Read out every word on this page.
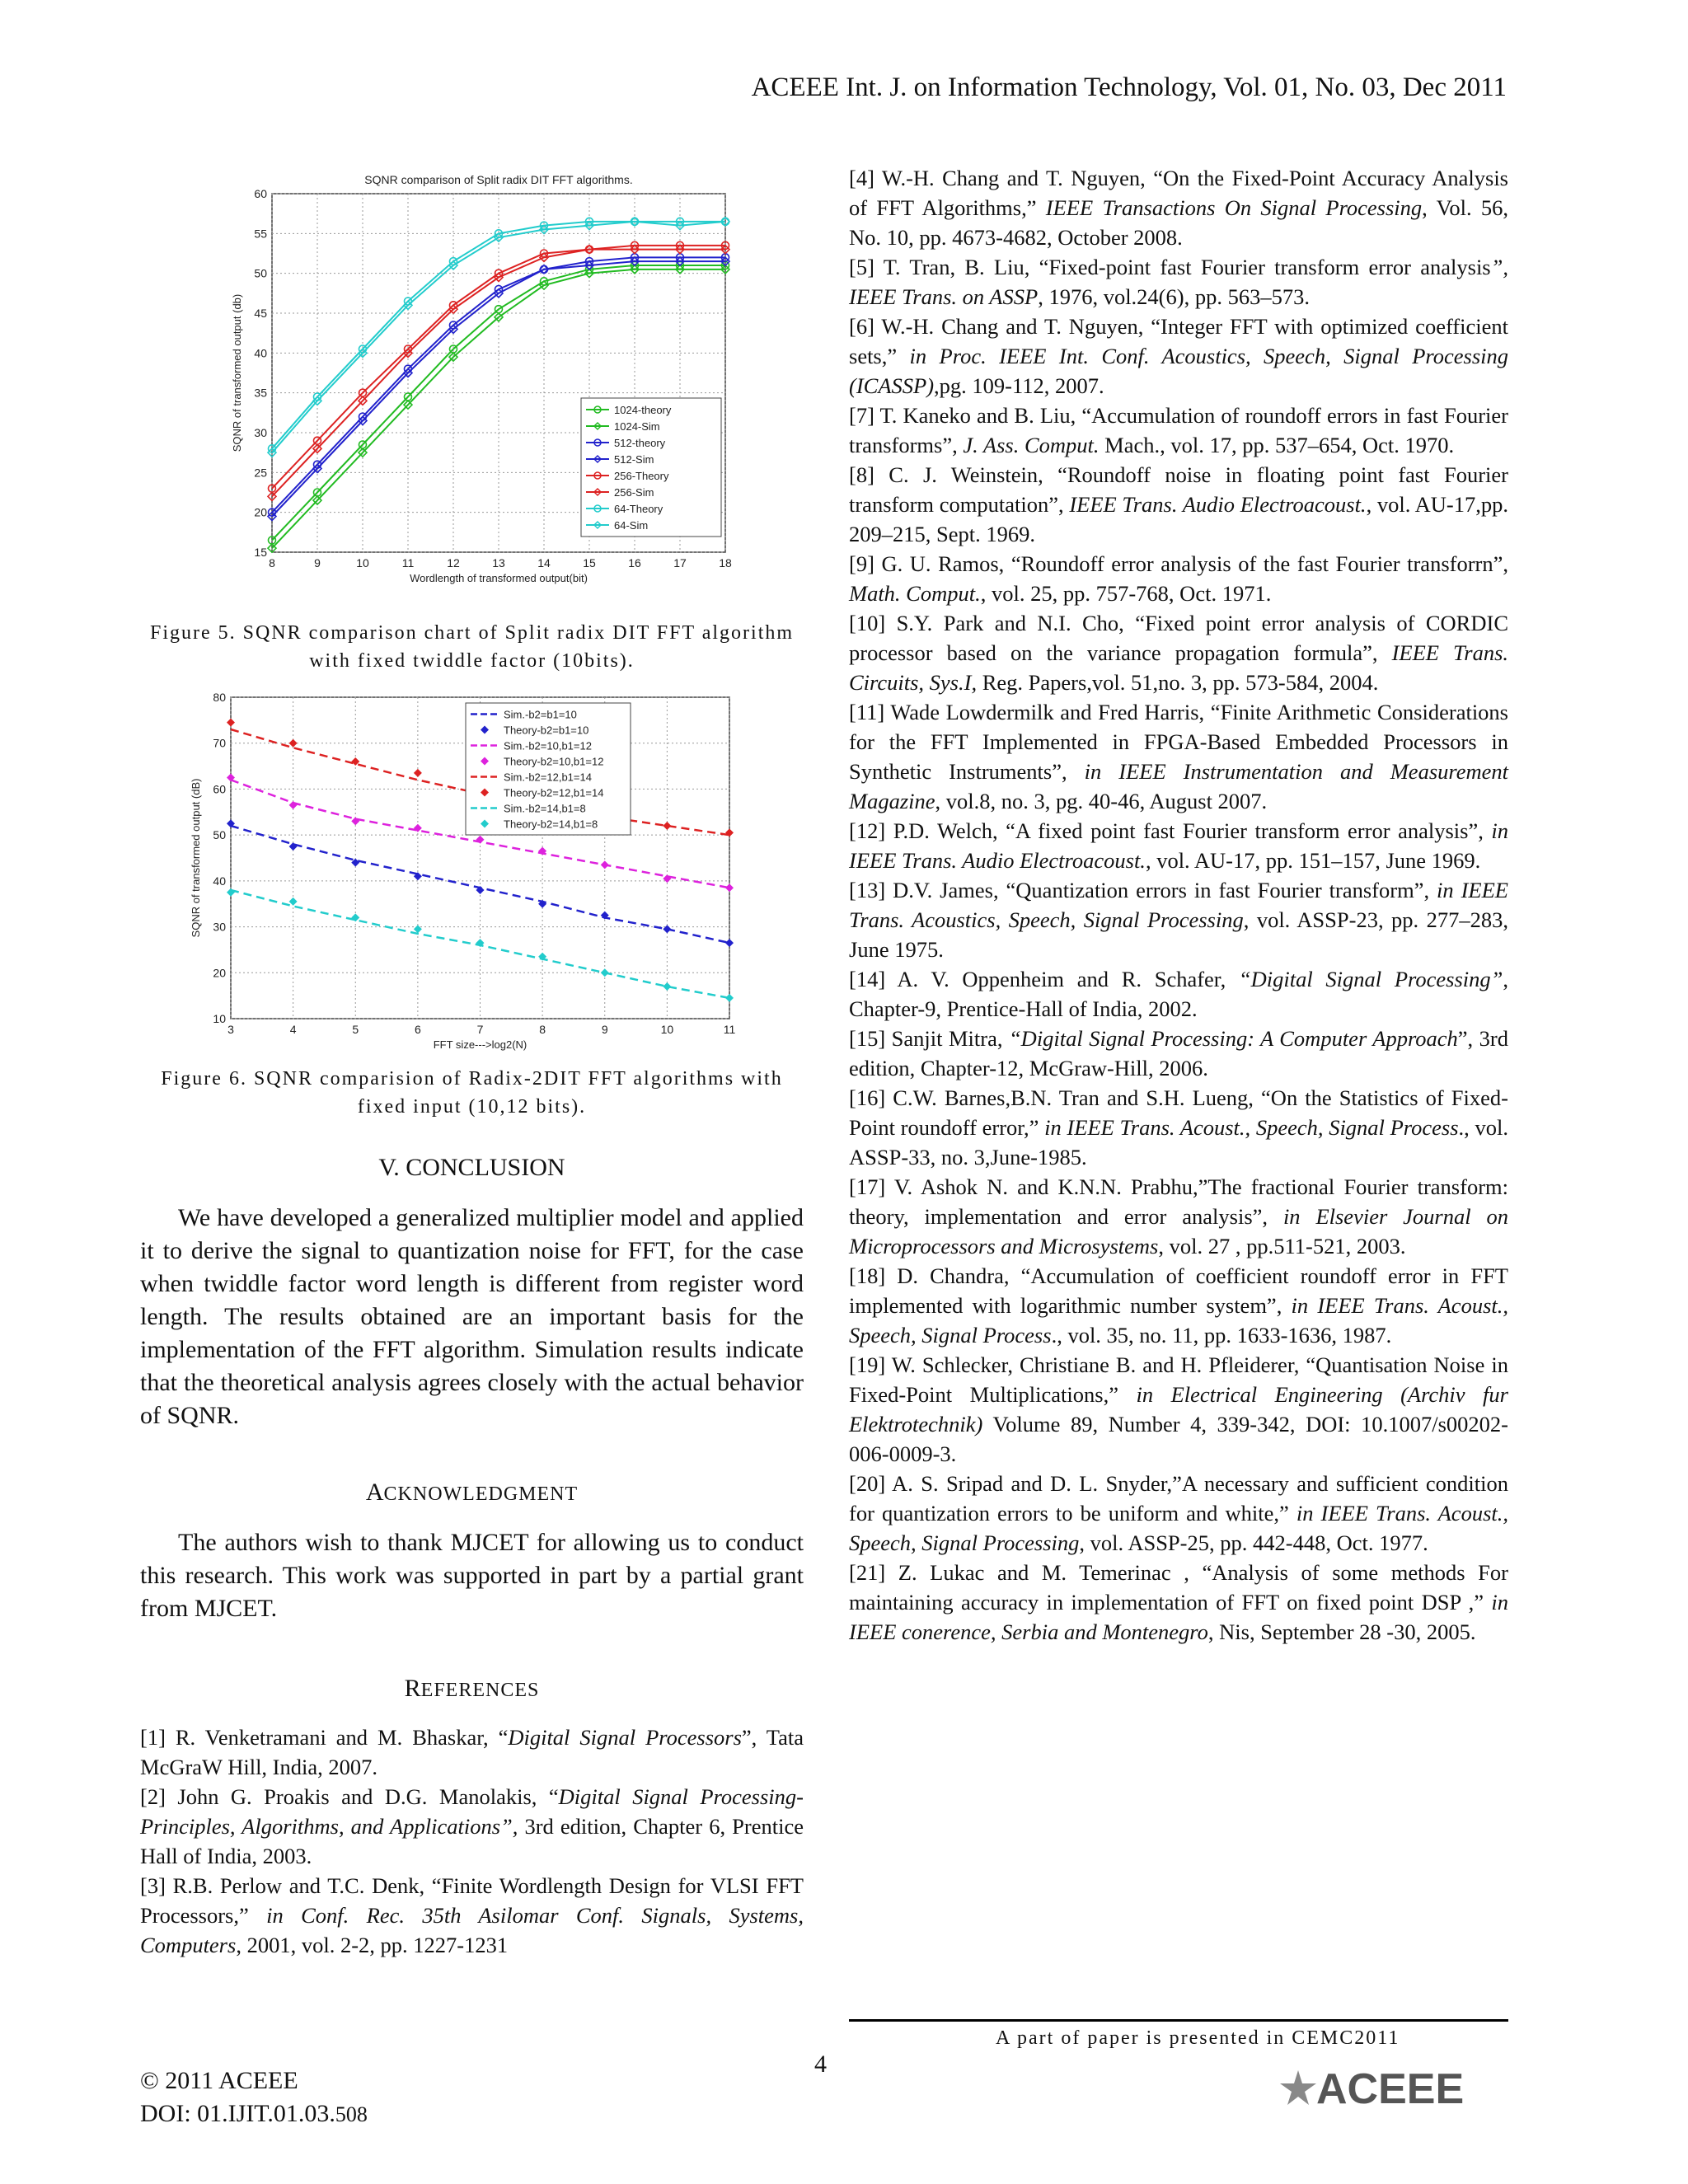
ACEEE Int. J. on Information Technology, Vol. 01, No. 03, Dec 2011
8	9	10	11	12	13	14	15	16	17	18
15
20
25
30
35
40
45
50
55
60
SQNR comparison of Split radix DIT FFT algorithms.
Wordlength of transformed output(bit)
SQNR of transformed output (db)	1024-theory
1024-Sim
512-theory
512-Sim
256-Theory
256-Sim
64-Theory
64-Sim
Figure 5. SQNR comparison chart of Split radix DIT FFT algorithm with fixed twiddle factor (10bits).
3	4	5	6	7	8	9	10	11
10
20
30
40
50
60
70
80
FFT size--->log2(N)
SQNR of transformed output (dB)
Sim.-b2=b1=10
Theory-b2=b1=10
Sim.-b2=10,b1=12
Theory-b2=10,b1=12
Sim.-b2=12,b1=14
Theory-b2=12,b1=14
Sim.-b2=14,b1=8
Theory-b2=14,b1=8
Figure 6. SQNR comparision of Radix-2DIT FFT algorithms with fixed input (10,12 bits).
V. CONCLUSION

We have developed a generalized multiplier model and applied it to derive the signal to quantization noise for FFT, for the case when twiddle factor word length is different from register word length. The results obtained are an important basis for the implementation of the FFT algorithm. Simulation results indicate that the theoretical analysis agrees closely with the actual behavior of SQNR.

ACKNOWLEDGMENT

The authors wish to thank MJCET for allowing us to conduct this research. This work was supported in part by a partial grant from MJCET.

REFERENCES

[1] R. Venketramani and M. Bhaskar, “Digital Signal Processors”, Tata McGraW Hill, India, 2007.

[2] John G. Proakis and D.G. Manolakis, “Digital Signal Processing-Principles, Algorithms, and Applications”, 3rd edition, Chapter 6, Prentice Hall of India, 2003.

[3] R.B. Perlow and T.C. Denk, “Finite Wordlength Design for VLSI FFT Processors,” in Conf. Rec. 35th Asilomar Conf. Signals, Systems, Computers, 2001, vol. 2-2, pp. 1227-1231

[4] W.-H. Chang and T. Nguyen, “On the Fixed-Point Accuracy Analysis of FFT Algorithms,” IEEE Transactions On Signal Processing, Vol. 56, No. 10, pp. 4673-4682, October 2008.

[5] T. Tran, B. Liu, “Fixed-point fast Fourier transform error analysis”, IEEE Trans. on ASSP, 1976, vol.24(6), pp. 563–573.

[6] W.-H. Chang and T. Nguyen, “Integer FFT with optimized coefficient sets,” in Proc. IEEE Int. Conf. Acoustics, Speech, Signal Processing (ICASSP),pg. 109-112, 2007.

[7] T. Kaneko and B. Liu, “Accumulation of roundoff errors in fast Fourier transforms”, J. Ass. Comput. Mach., vol. 17, pp. 537–654, Oct. 1970.

[8] C. J. Weinstein, “Roundoff noise in floating point fast Fourier transform computation”, IEEE Trans. Audio Electroacoust., vol. AU-17,pp. 209–215, Sept. 1969.

[9] G. U. Ramos, “Roundoff error analysis of the fast Fourier transforrn”, Math. Comput., vol. 25, pp. 757-768, Oct. 1971.

[10] S.Y. Park and N.I. Cho, “Fixed point error analysis of CORDIC processor based on the variance propagation formula”, IEEE Trans. Circuits, Sys.I, Reg. Papers,vol. 51,no. 3, pp. 573-584, 2004.

[11] Wade Lowdermilk and Fred Harris, “Finite Arithmetic Considerations for the FFT Implemented in FPGA-Based Embedded Processors in Synthetic Instruments”, in IEEE Instrumentation and Measurement Magazine, vol.8, no. 3, pg. 40-46, August 2007.

[12] P.D. Welch, “A fixed point fast Fourier transform error analysis”, in IEEE Trans. Audio Electroacoust., vol. AU-17, pp. 151–157, June 1969.

[13] D.V. James, “Quantization errors in fast Fourier transform”, in IEEE Trans. Acoustics, Speech, Signal Processing, vol. ASSP-23, pp. 277–283, June 1975.

[14] A. V. Oppenheim and R. Schafer, “Digital Signal Processing”, Chapter-9, Prentice-Hall of India, 2002.

[15] Sanjit Mitra, “Digital Signal Processing: A Computer Approach”, 3rd edition, Chapter-12, McGraw-Hill, 2006.

[16] C.W. Barnes,B.N. Tran and S.H. Lueng, “On the Statistics of Fixed-Point roundoff error,” in IEEE Trans. Acoust., Speech, Signal Process., vol. ASSP-33, no. 3,June-1985.

[17] V. Ashok N. and K.N.N. Prabhu,”The fractional Fourier transform: theory, implementation and error analysis”, in Elsevier Journal on Microprocessors and Microsystems, vol. 27 , pp.511-521, 2003.

[18] D. Chandra, “Accumulation of coefficient roundoff error in FFT implemented with logarithmic number system”, in IEEE Trans. Acoust., Speech, Signal Process., vol. 35, no. 11, pp. 1633-1636, 1987.

[19] W. Schlecker, Christiane B. and H. Pfleiderer, “Quantisation Noise in Fixed-Point Multiplications,” in Electrical Engineering (Archiv fur Elektrotechnik) Volume 89, Number 4, 339-342, DOI: 10.1007/s00202-006-0009-3.

[20] A. S. Sripad and D. L. Snyder,”A necessary and sufficient condition for quantization errors to be uniform and white,” in IEEE Trans. Acoust., Speech, Signal Processing, vol. ASSP-25, pp. 442-448, Oct. 1977.

[21] Z. Lukac and M. Temerinac , “Analysis of some methods For maintaining accuracy in implementation of FFT on fixed point DSP ,” in IEEE conerence, Serbia and Montenegro, Nis, September 28 -30, 2005.

A part of paper is presented in CEMC2011
4
© 2011 ACEEE
DOI: 01.IJIT.01.03.508
ACEEE
